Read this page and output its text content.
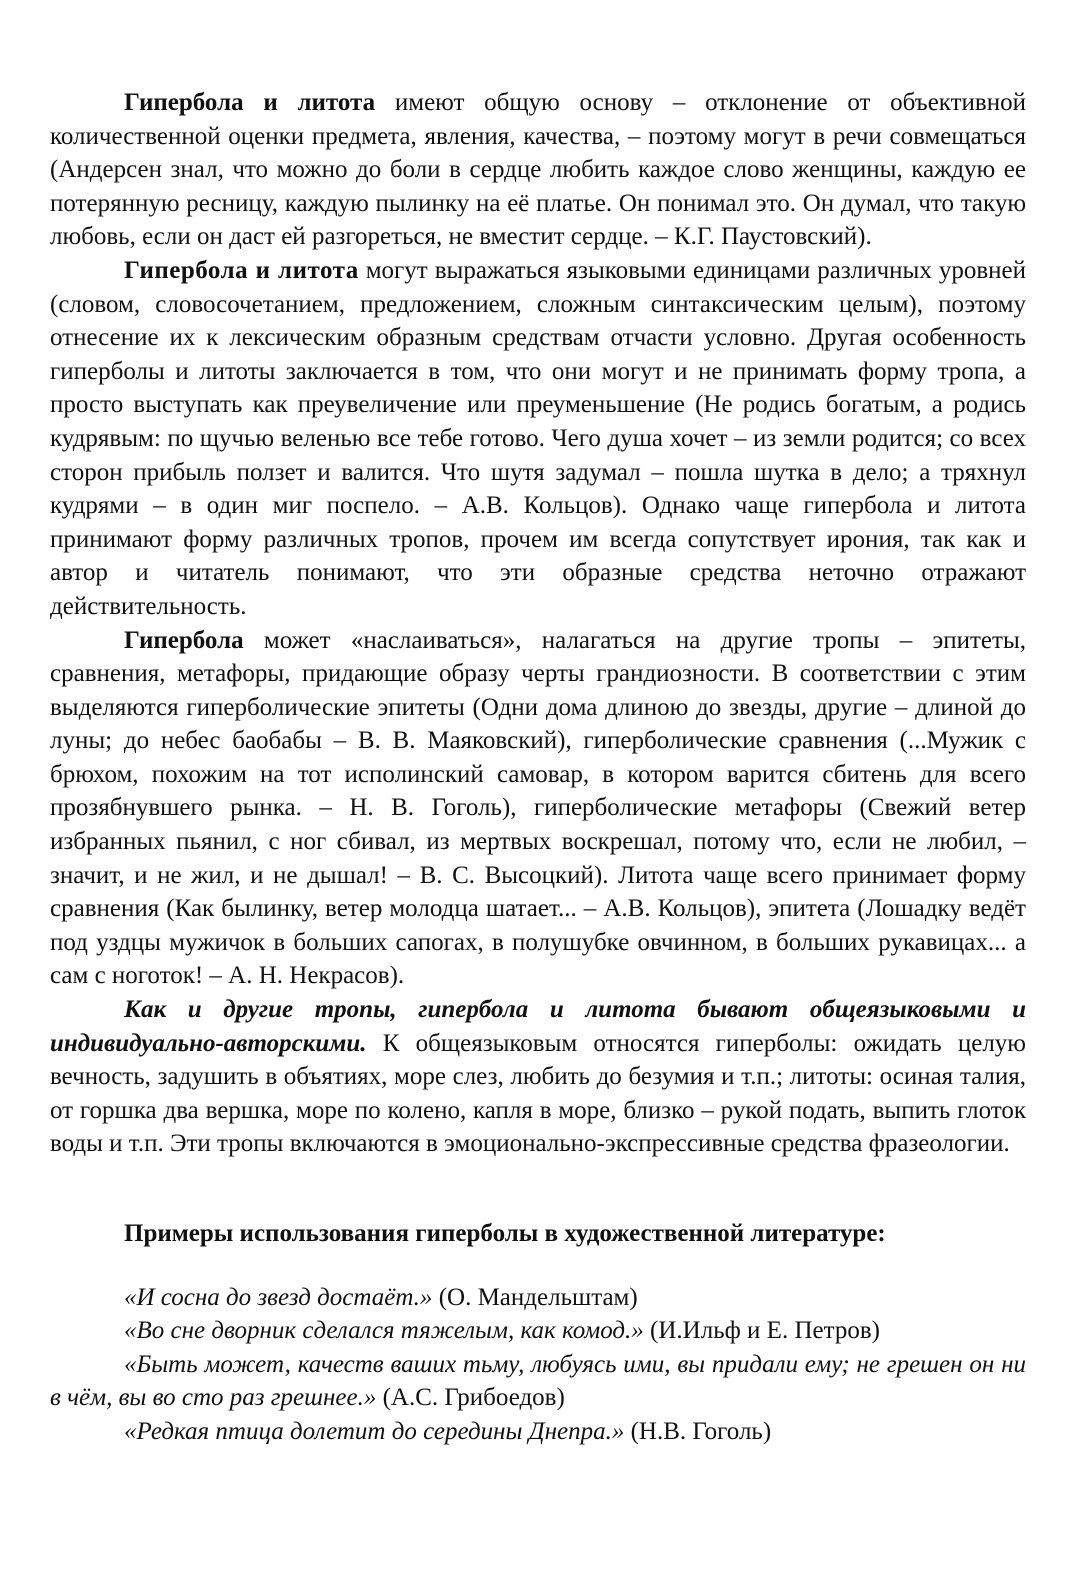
Гипербола и литота имеют общую основу – отклонение от объективной количественной оценки предмета, явления, качества, – поэтому могут в речи совмещаться (Андерсен знал, что можно до боли в сердце любить каждое слово женщины, каждую ее потерянную ресницу, каждую пылинку на её платье. Он понимал это. Он думал, что такую любовь, если он даст ей разгореться, не вместит сердце. – К.Г. Паустовский).

Гипербола и литота могут выражаться языковыми единицами различных уровней (словом, словосочетанием, предложением, сложным синтаксическим целым), поэтому отнесение их к лексическим образным средствам отчасти условно. Другая особенность гиперболы и литоты заключается в том, что они могут и не принимать форму тропа, а просто выступать как преувеличение или преуменьшение (Не родись богатым, а родись кудрявым: по щучью веленью все тебе готово. Чего душа хочет – из земли родится; со всех сторон прибыль ползет и валится. Что шутя задумал – пошла шутка в дело; а тряхнул кудрями – в один миг поспело. – А.В. Кольцов). Однако чаще гипербола и литота принимают форму различных тропов, прочем им всегда сопутствует ирония, так как и автор и читатель понимают, что эти образные средства неточно отражают действительность.

Гипербола может «наслаиваться», налагаться на другие тропы – эпитеты, сравнения, метафоры, придающие образу черты грандиозности. В соответствии с этим выделяются гиперболические эпитеты (Одни дома длиною до звезды, другие – длиной до луны; до небес баобабы – В. В. Маяковский), гиперболические сравнения (...Мужик с брюхом, похожим на тот исполинский самовар, в котором варится сбитень для всего прозябнувшего рынка. – Н. В. Гоголь), гиперболические метафоры (Свежий ветер избранных пьянил, с ног сбивал, из мертвых воскрешал, потому что, если не любил, – значит, и не жил, и не дышал! – В. С. Высоцкий). Литота чаще всего принимает форму сравнения (Как былинку, ветер молодца шатает... – А.В. Кольцов), эпитета (Лошадку ведёт под уздцы мужичок в больших сапогах, в полушубке овчинном, в больших рукавицах... а сам с ноготок! – А. Н. Некрасов).

Как и другие тропы, гипербола и литота бывают общеязыковыми и индивидуально-авторскими. К общеязыковым относятся гиперболы: ожидать целую вечность, задушить в объятиях, море слез, любить до безумия и т.п.; литоты: осиная талия, от горшка два вершка, море по колено, капля в море, близко – рукой подать, выпить глоток воды и т.п. Эти тропы включаются в эмоционально-экспрессивные средства фразеологии.

Примеры использования гиперболы в художественной литературе:

«И сосна до звезд достаёт.» (О. Мандельштам)

«Во сне дворник сделался тяжелым, как комод.» (И.Ильф и Е. Петров)

«Быть может, качеств ваших тьму, любуясь ими, вы придали ему; не грешен он ни в чём, вы во сто раз грешнее.» (А.С. Грибоедов)

«Редкая птица долетит до середины Днепра.» (Н.В. Гоголь)
